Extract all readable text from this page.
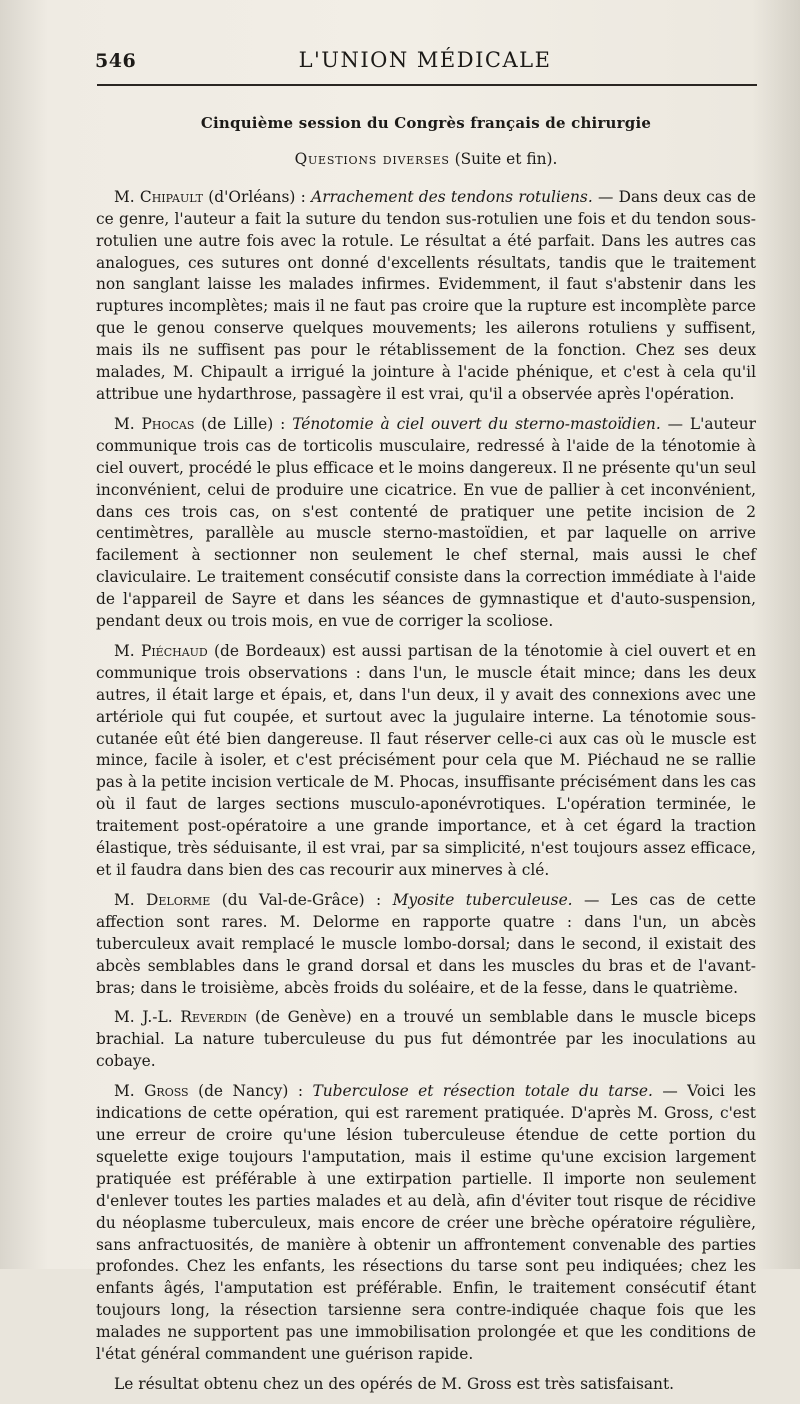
546	L'UNION MÉDICALE
Cinquième session du Congrès français de chirurgie
Questions diverses (Suite et fin).

M. Chipault (d'Orléans) : Arrachement des tendons rotuliens. — Dans deux cas de ce genre, l'auteur a fait la suture du tendon sus-rotulien une fois et du tendon sous-rotulien une autre fois avec la rotule. Le résultat a été parfait. Dans les autres cas analogues, ces sutures ont donné d'excellents résultats, tandis que le traitement non sanglant laisse les malades infirmes. Evidemment, il faut s'abstenir dans les ruptures incomplètes; mais il ne faut pas croire que la rupture est incomplète parce que le genou conserve quelques mouvements; les ailerons rotuliens y suffisent, mais ils ne suffisent pas pour le rétablissement de la fonction. Chez ses deux malades, M. Chipault a irrigué la jointure à l'acide phénique, et c'est à cela qu'il attribue une hydarthrose, passagère il est vrai, qu'il a observée après l'opération.

M. Phocas (de Lille) : Ténotomie à ciel ouvert du sterno-mastoïdien. — L'auteur communique trois cas de torticolis musculaire, redressé à l'aide de la ténotomie à ciel ouvert, procédé le plus efficace et le moins dangereux. Il ne présente qu'un seul inconvénient, celui de produire une cicatrice. En vue de pallier à cet inconvénient, dans ces trois cas, on s'est contenté de pratiquer une petite incision de 2 centimètres, parallèle au muscle sterno-mastoïdien, et par laquelle on arrive facilement à sectionner non seulement le chef sternal, mais aussi le chef claviculaire. Le traitement consécutif consiste dans la correction immédiate à l'aide de l'appareil de Sayre et dans les séances de gymnastique et d'auto-suspension, pendant deux ou trois mois, en vue de corriger la scoliose.

M. Piéchaud (de Bordeaux) est aussi partisan de la ténotomie à ciel ouvert et en communique trois observations : dans l'un, le muscle était mince; dans les deux autres, il était large et épais, et, dans l'un deux, il y avait des connexions avec une artériole qui fut coupée, et surtout avec la jugulaire interne. La ténotomie sous-cutanée eût été bien dangereuse. Il faut réserver celle-ci aux cas où le muscle est mince, facile à isoler, et c'est précisément pour cela que M. Piéchaud ne se rallie pas à la petite incision verticale de M. Phocas, insuffisante précisément dans les cas où il faut de larges sections musculo-aponévrotiques. L'opération terminée, le traitement post-opératoire a une grande importance, et à cet égard la traction élastique, très séduisante, il est vrai, par sa simplicité, n'est toujours assez efficace, et il faudra dans bien des cas recourir aux minerves à clé.

M. Delorme (du Val-de-Grâce) : Myosite tuberculeuse. — Les cas de cette affection sont rares. M. Delorme en rapporte quatre : dans l'un, un abcès tuberculeux avait remplacé le muscle lombo-dorsal; dans le second, il existait des abcès semblables dans le grand dorsal et dans les muscles du bras et de l'avant-bras; dans le troisième, abcès froids du soléaire, et de la fesse, dans le quatrième.

M. J.-L. Reverdin (de Genève) en a trouvé un semblable dans le muscle biceps brachial. La nature tuberculeuse du pus fut démontrée par les inoculations au cobaye.

M. Gross (de Nancy) : Tuberculose et résection totale du tarse. — Voici les indications de cette opération, qui est rarement pratiquée. D'après M. Gross, c'est une erreur de croire qu'une lésion tuberculeuse étendue de cette portion du squelette exige toujours l'amputation, mais il estime qu'une excision largement pratiquée est préférable à une extirpation partielle. Il importe non seulement d'enlever toutes les parties malades et au delà, afin d'éviter tout risque de récidive du néoplasme tuberculeux, mais encore de créer une brèche opératoire régulière, sans anfractuosités, de manière à obtenir un affrontement convenable des parties profondes. Chez les enfants, les résections du tarse sont peu indiquées; chez les enfants âgés, l'amputation est préférable. Enfin, le traitement consécutif étant toujours long, la résection tarsienne sera contre-indiquée chaque fois que les malades ne supportent pas une immobilisation prolongée et que les conditions de l'état général commandent une guérison rapide.

Le résultat obtenu chez un des opérés de M. Gross est très satisfaisant.
